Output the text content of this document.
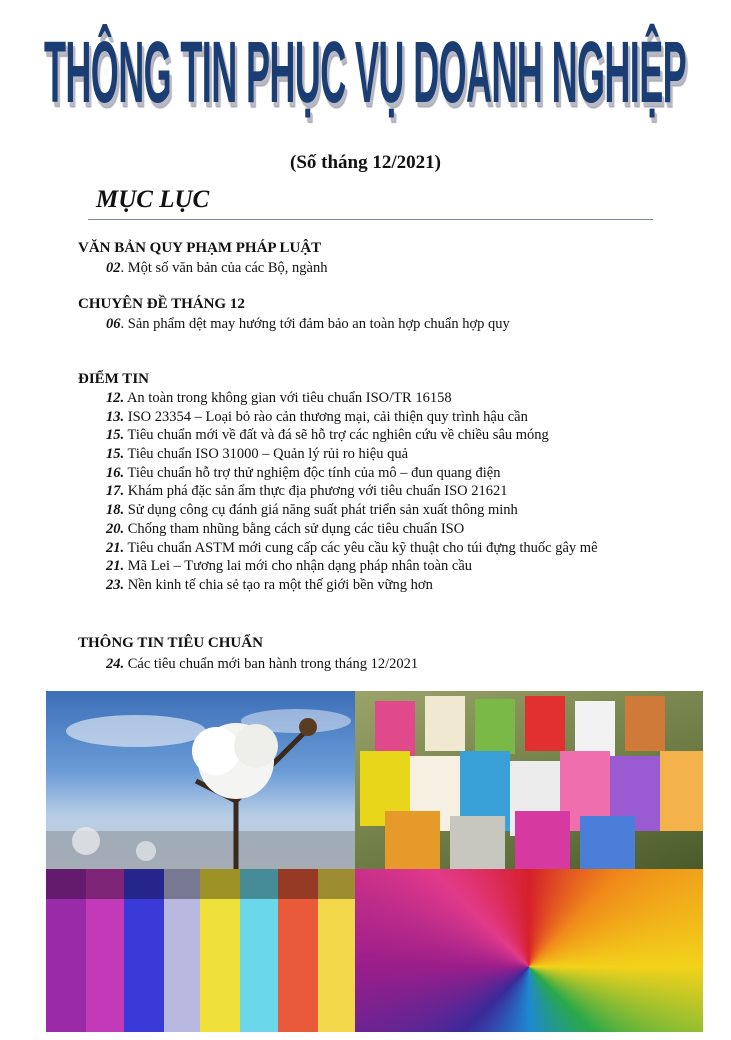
THÔNG TIN PHỤC VỤ DOANH NGHIỆP
(Số tháng 12/2021)
MỤC LỤC
VĂN BẢN QUY PHẠM PHÁP LUẬT
02. Một số văn bản của các Bộ, ngành
CHUYÊN ĐỀ THÁNG 12
06. Sản phẩm dệt may hướng tới đảm bảo an toàn hợp chuẩn hợp quy
ĐIỂM TIN
12. An toàn trong không gian với tiêu chuẩn ISO/TR 16158
13. ISO 23354 – Loại bỏ rào cản thương mại, cải thiện quy trình hậu cần
15. Tiêu chuẩn mới về đất và đá sẽ hỗ trợ các nghiên cứu về chiều sâu móng
15. Tiêu chuẩn ISO 31000 – Quản lý rủi ro hiệu quả
16. Tiêu chuẩn hỗ trợ thử nghiệm độc tính của mô – đun quang điện
17. Khám phá đặc sản ẩm thực địa phương với tiêu chuẩn ISO 21621
18. Sử dụng công cụ đánh giá năng suất phát triển sản xuất thông minh
20. Chống tham nhũng bằng cách sử dụng các tiêu chuẩn ISO
21. Tiêu chuẩn ASTM mới cung cấp các yêu cầu kỹ thuật cho túi đựng thuốc gây mê
21. Mã Lei – Tương lai mới cho nhận dạng pháp nhân toàn cầu
23. Nền kinh tế chia sẻ tạo ra một thế giới bền vững hơn
THÔNG TIN TIÊU CHUẨN
24. Các tiêu chuẩn mới ban hành trong tháng 12/2021
